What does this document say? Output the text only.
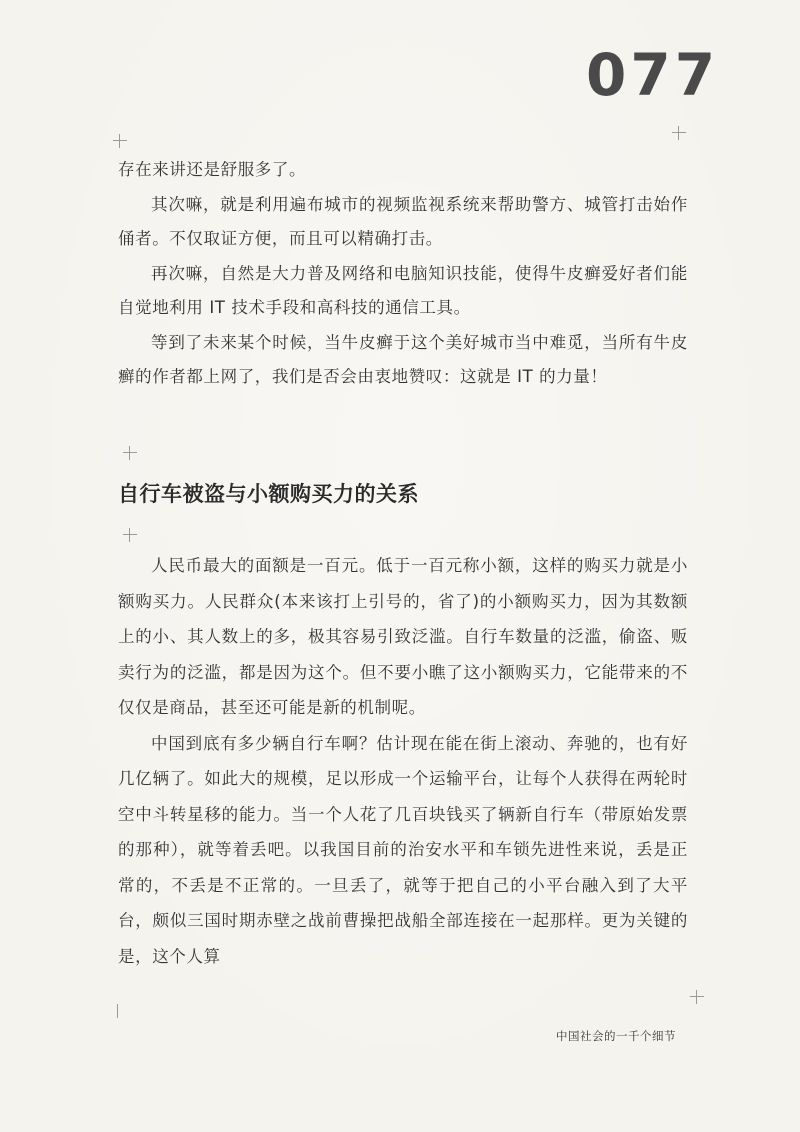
077

存在来讲还是舒服多了。

其次嘛，就是利用遍布城市的视频监视系统来帮助警方、城管打击始作俑者。不仅取证方便，而且可以精确打击。

再次嘛，自然是大力普及网络和电脑知识技能，使得牛皮癣爱好者们能自觉地利用 IT 技术手段和高科技的通信工具。

等到了未来某个时候，当牛皮癣于这个美好城市当中难觅，当所有牛皮癣的作者都上网了，我们是否会由衷地赞叹：这就是 IT 的力量！

自行车被盗与小额购买力的关系

人民币最大的面额是一百元。低于一百元称小额，这样的购买力就是小额购买力。人民群众(本来该打上引号的，省了)的小额购买力，因为其数额上的小、其人数上的多，极其容易引致泛滥。自行车数量的泛滥，偷盗、贩卖行为的泛滥，都是因为这个。但不要小瞧了这小额购买力，它能带来的不仅仅是商品，甚至还可能是新的机制呢。

中国到底有多少辆自行车啊？估计现在能在街上滚动、奔驰的，也有好几亿辆了。如此大的规模，足以形成一个运输平台，让每个人获得在两轮时空中斗转星移的能力。当一个人花了几百块钱买了辆新自行车（带原始发票的那种），就等着丢吧。以我国目前的治安水平和车锁先进性来说，丢是正常的，不丢是不正常的。一旦丢了，就等于把自己的小平台融入到了大平台，颇似三国时期赤壁之战前曹操把战船全部连接在一起那样。更为关键的是，这个人算

中国社会的一千个细节
